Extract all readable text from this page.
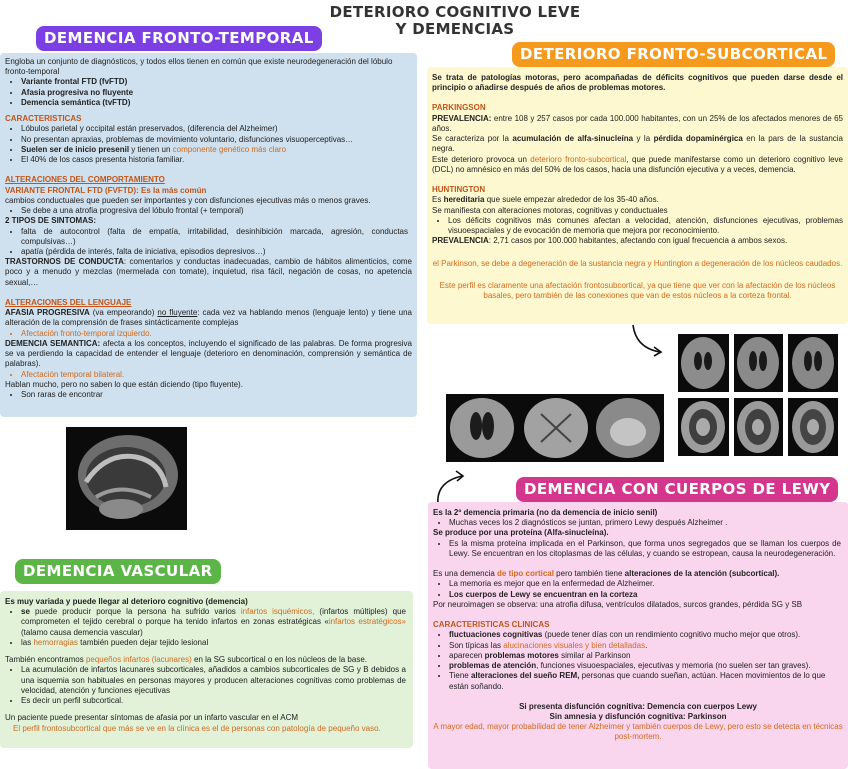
DETERIORO COGNITIVO LEVE
Y DEMENCIAS

Engloba un conjunto de diagnósticos, y todos ellos tienen en común que existe neurodegeneración del lóbulo fronto-temporal

• Variante frontal FTD (fvFTD)
• Afasia progresiva no fluyente
• Demencia semántica (tvFTD)
CARACTERISTICAS
• Lóbulos parietal y occipital están preservados, (diferencia del Alzheimer)
• No presentan apraxias, problemas de movimiento voluntario, disfunciones visuoperceptivas…
• Suelen ser de inicio presenil y tienen un componente genético más claro
• El 40% de los casos presenta historia familiar.
ALTERACIONES DEL COMPORTAMIENTO
VARIANTE FRONTAL FTD (FVFTD): Es la más común

cambios conductuales que pueden ser importantes y con disfunciones ejecutivas más o menos graves.

• Se debe a una atrofia progresiva del lóbulo frontal (+ temporal)
2 TIPOS DE SINTOMAS:
• falta de autocontrol (falta de empatía, irritabilidad, desinhibición marcada, agresión, conductas compulsivas…)
• apatía (pérdida de interés, falta de iniciativa, episodios depresivos…)

TRASTORNOS DE CONDUCTA: comentarios y conductas inadecuadas, cambio de hábitos alimenticios, come poco y a menudo y mezclas (mermelada con tomate), inquietud, risa fácil, negación de cosas, no apetencia sexual,…

ALTERACIONES DEL LENGUAJE

AFASIA PROGRESIVA (va empeorando) no fluyente: cada vez va hablando menos (lenguaje lento) y tiene una alteración de la comprensión de frases sintácticamente complejas

• Afectación fronto-temporal izquierdo.

DEMENCIA SEMANTICA: afecta a los conceptos, incluyendo el significado de las palabras. De forma progresiva se va perdiendo la capacidad de entender el lenguaje (deterioro en denominación, comprensión y semántica de palabras).

• Afectación temporal bilateral.

Hablan mucho, pero no saben lo que están diciendo (tipo fluyente).

• Son raras de encontrar
DEMENCIA FRONTO-TEMPORAL

Se trata de patologías motoras, pero acompañadas de déficits cognitivos que pueden darse desde el principio o añadirse después de años de problemas motores.

PARKINGSON

PREVALENCIA: entre 108 y 257 casos por cada 100.000 habitantes, con un 25% de los afectados menores de 65 años.

Se caracteriza por la acumulación de alfa-sinucleína y la pérdida dopaminérgica en la pars de la sustancia negra.

Este deterioro provoca un deterioro fronto-subcortical, que puede manifestarse como un deterioro cognitivo leve (DCL) no amnésico en más del 50% de los casos, hacia una disfunción ejecutiva y a veces, demencia.

HUNTINGTON

Es hereditaria que suele empezar alrededor de los 35-40 años.

Se manifiesta con alteraciones motoras, cognitivas y conductuales

• Los déficits cognitivos más comunes afectan a velocidad, atención, disfunciones ejecutivas, problemas visuoespaciales y de evocación de memoria que mejora por reconocimiento.

PREVALENCIA: 2,71 casos por 100.000 habitantes, afectando con igual frecuencia a ambos sexos.

el Parkinson, se debe a degeneración de la sustancia negra y Huntington a degeneración de los núcleos caudados.

Este perfil es claramente una afectación frontosubcortical, ya que tiene que ver con la afectación de los núcleos basales, pero también de las conexiones que van de estos núcleos a la corteza frontal.

DETERIORO FRONTO-SUBCORTICAL

Es muy variada y puede llegar al deterioro cognitivo (demencia)

• se puede producir porque la persona ha sufrido varios infartos isquémicos, (infartos múltiples) que comprometen el tejido cerebral o porque ha tenido infartos en zonas estratégicas «infartos estratégicos» (talamo causa demencia vascular)
• las hemorragias también pueden dejar tejido lesional

También encontramos pequeños infartos (lacunares) en la SG subcortical o en los núcleos de la base.

• La acumulación de infartos lacunares subcorticales, añadidos a cambios subcorticales de SG y B debidos a una isquemia son habituales en personas mayores y producen alteraciones cognitivas como problemas de velocidad, atención y funciones ejecutivas
• Es decir un perfil subcortical.

Un paciente puede presentar síntomas de afasia por un infarto vascular en el ACM

El perfil frontosubcortical que más se ve en la clínica es el de personas con patología de pequeño vaso.

DEMENCIA VASCULAR

Es la 2º demencia primaria (no da demencia de inicio senil)

• Muchas veces los 2 diagnósticos se juntan, primero Lewy después Alzheimer .

Se produce por una proteína (Alfa-sinucleína).

• Es la misma proteína implicada en el Parkinson, que forma unos segregados que se llaman los cuerpos de Lewy. Se encuentran en los citoplasmas de las células, y cuando se estropean, causa la neurodegeneración.

Es una demencia de tipo cortical pero también tiene alteraciones de la atención (subcortical).

• La memoria es mejor que en la enfermedad de Alzheimer.
• Los cuerpos de Lewy se encuentran en la corteza

Por neuroimagen se observa: una atrofia difusa, ventrículos dilatados, surcos grandes, pérdida SG y SB

CARACTERISTICAS CLINICAS
• fluctuaciones cognitivas (puede tener días con un rendimiento cognitivo mucho mejor que otros).
• Son típicas las alucinaciones visuales y bien detalladas.
• aparecen problemas motores similar al Parkinson
• problemas de atención, funciones visuoespaciales, ejecutivas y memoria (no suelen ser tan graves).
• Tiene alteraciones del sueño REM, personas que cuando sueñan, actúan. Hacen movimientos de lo que están soñando.

Si presenta disfunción cognitiva: Demencia con cuerpos Lewy

Sin amnesia y disfunción cognitiva: Parkinson

A mayor edad, mayor probabilidad de tener Alzheimer y también cuerpos de Lewy, pero esto se detecta en técnicas post-mortem.

DEMENCIA CON CUERPOS DE LEWY
